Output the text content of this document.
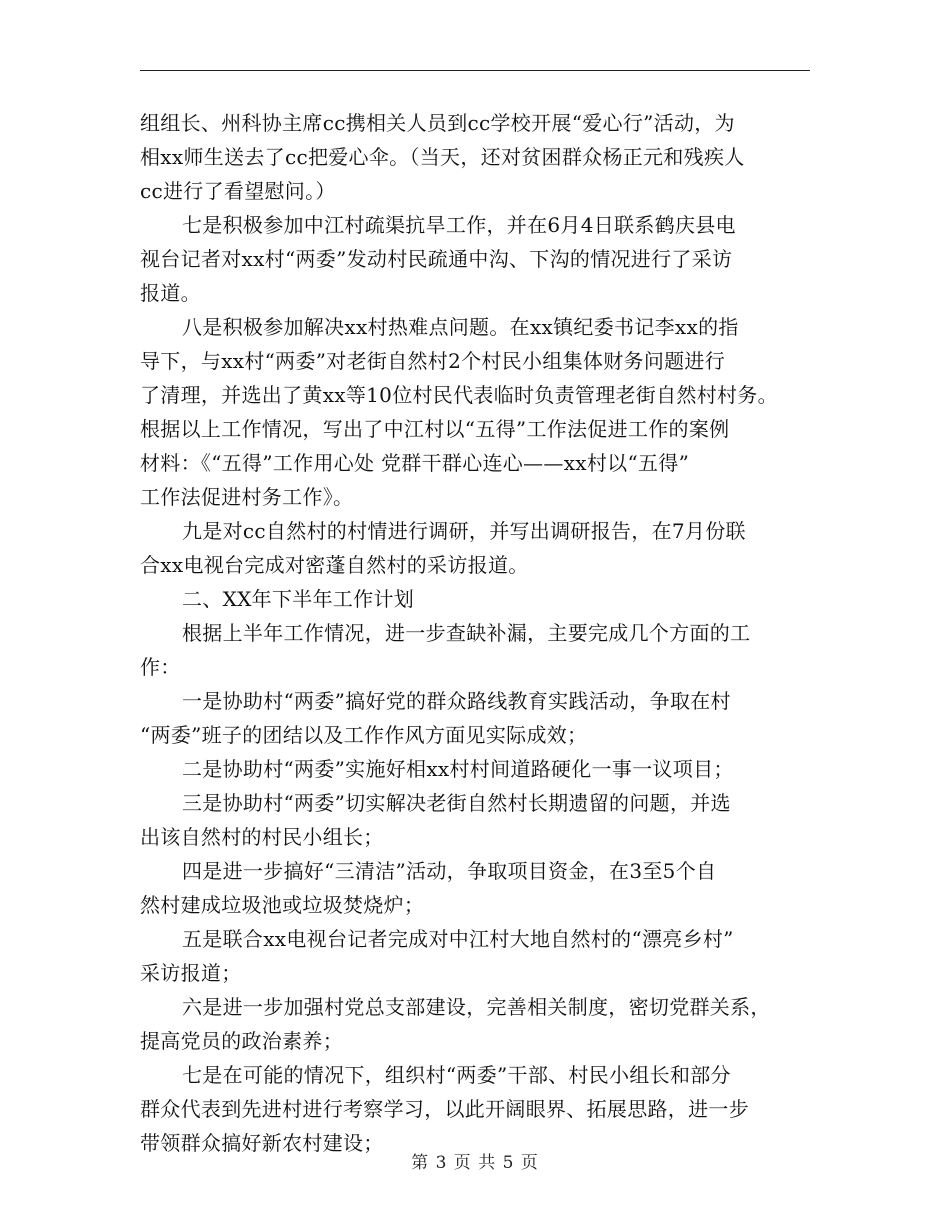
组组长、州科协主席cc携相关人员到cc学校开展“爱心行”活动，为
相xx师生送去了cc把爱心伞。（当天，还对贫困群众杨正元和残疾人
cc进行了看望慰问。）
七是积极参加中江村疏渠抗旱工作，并在6月4日联系鹤庆县电
视台记者对xx村“两委”发动村民疏通中沟、下沟的情况进行了采访
报道。
八是积极参加解决xx村热难点问题。在xx镇纪委书记李xx的指
导下，与xx村“两委”对老街自然村2个村民小组集体财务问题进行
了清理，并选出了黄xx等10位村民代表临时负责管理老街自然村村务。
根据以上工作情况，写出了中江村以“五得”工作法促进工作的案例
材料：《“五得”工作用心处 党群干群心连心——xx村以“五得”
工作法促进村务工作》。
九是对cc自然村的村情进行调研，并写出调研报告，在7月份联
合xx电视台完成对密蓬自然村的采访报道。
二、XX年下半年工作计划
根据上半年工作情况，进一步查缺补漏，主要完成几个方面的工
作：
一是协助村“两委”搞好党的群众路线教育实践活动，争取在村
“两委”班子的团结以及工作作风方面见实际成效；
二是协助村“两委”实施好相xx村村间道路硬化一事一议项目；
三是协助村“两委”切实解决老街自然村长期遗留的问题，并选
出该自然村的村民小组长；
四是进一步搞好“三清洁”活动，争取项目资金，在3至5个自
然村建成垃圾池或垃圾焚烧炉；
五是联合xx电视台记者完成对中江村大地自然村的“漂亮乡村”
采访报道；
六是进一步加强村党总支部建设，完善相关制度，密切党群关系，
提高党员的政治素养；
七是在可能的情况下，组织村“两委”干部、村民小组长和部分
群众代表到先进村进行考察学习，以此开阔眼界、拓展思路，进一步
带领群众搞好新农村建设；
第 3 页 共 5 页
